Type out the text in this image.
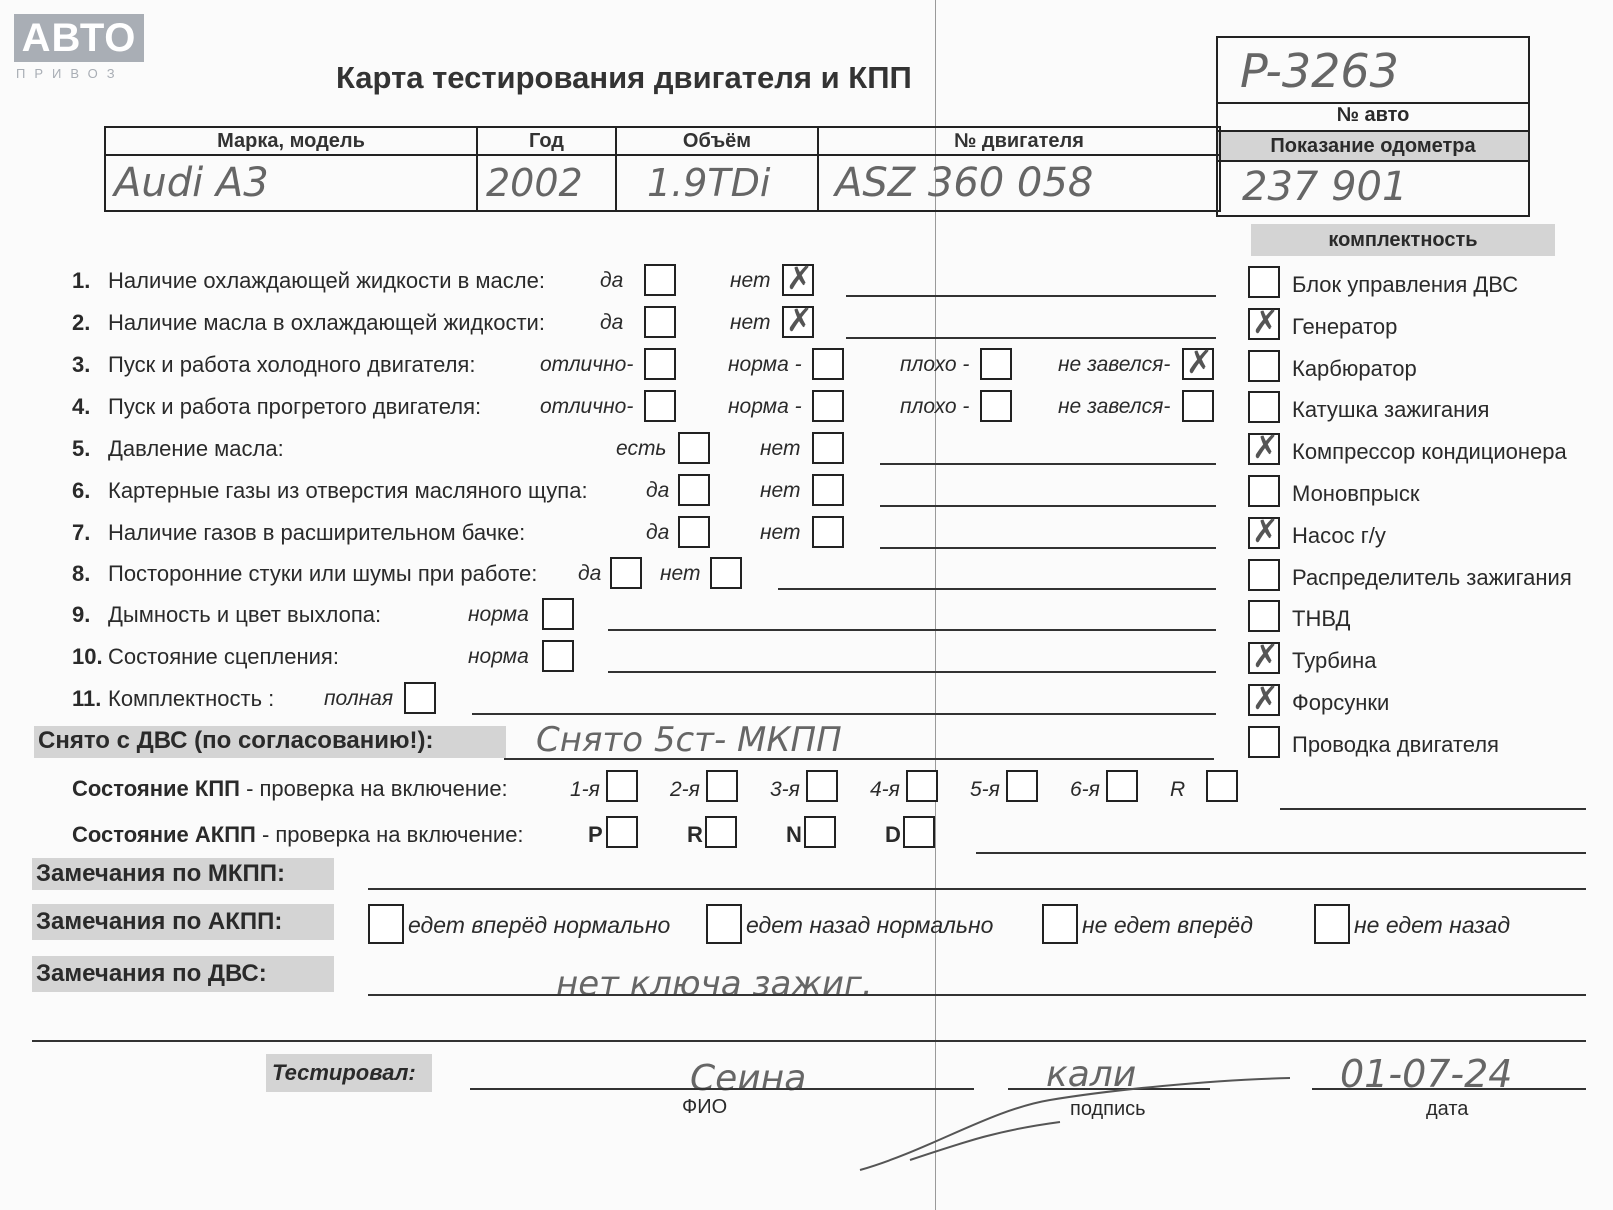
АВТО
ПРИВОЗ	Карта тестирования двигателя и КПП	P-3263
№ авто
Показание одометра
237 901
Марка, модель	Год	Объём	№ двигателя
Audi A3	2002	1.9TDi	ASZ 360 058
1. Наличие охлаждающей жидкости в масле:	да	нет ✗
2. Наличие масла в охлаждающей жидкости:	да	нет ✗
3. Пуск и работа холодного двигателя:	отлично-	норма -	плохо -	не завелся- ✗
4. Пуск и работа прогретого двигателя:	отлично-	норма -	плохо -	не завелся-
5. Давление масла:	есть	нет
6. Картерные газы из отверстия масляного щупа:	да	нет
7. Наличие газов в расширительном бачке:	да	нет
8. Посторонние стуки или шумы при работе: да	нет
9. Дымность и цвет выхлопа:	норма
10. Состояние сцепления:	норма
11. Комплектность : полная
комплектность
Блок управления ДВС
✗ Генератор
Карбюратор
Катушка зажигания
✗ Компрессор кондиционера
Моновпрыск
✗ Насос г/у
Распределитель зажигания
ТНВД
✗ Турбина
✗ Форсунки
Проводка двигателя
Снято с ДВС (по согласованию!):	Снято 5ст- МКПП
Состояние КПП - проверка на включение:	1-я	2-я	3-я	4-я	5-я	6-я	R
Состояние АКПП - проверка на включение:	P	R	N	D
Замечания по МКПП:
Замечания по АКПП:	едет вперёд нормально	едет назад нормально	не едет вперёд	не едет назад
Замечания по ДВС:	нет ключа зажиг.
Тестировал:	Сеина
ФИО
кали
подпись
01-07-24
дата
